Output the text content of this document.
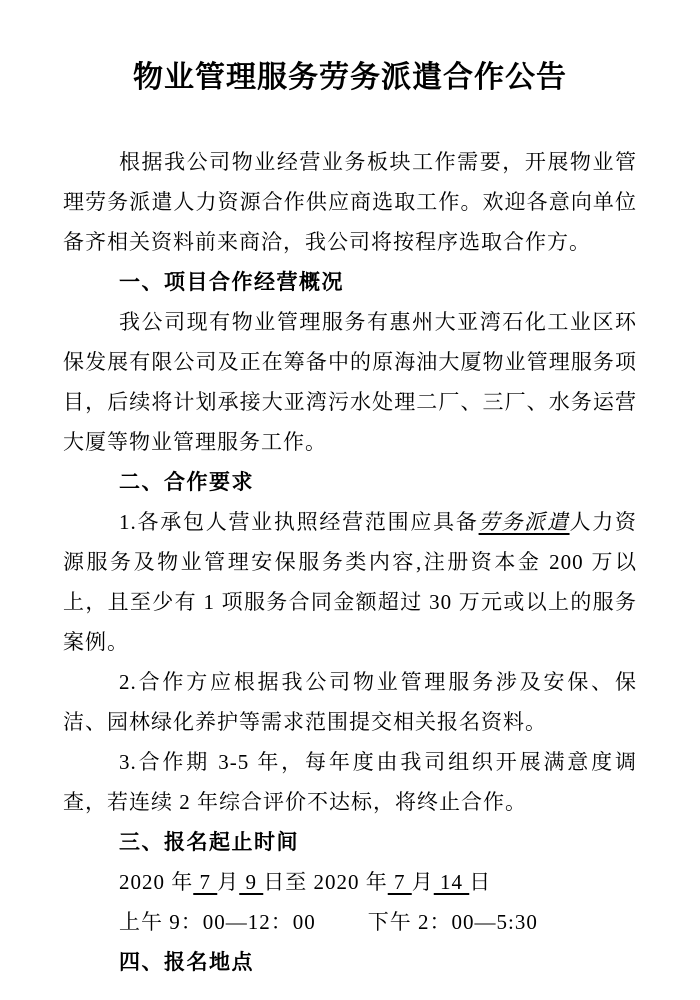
物业管理服务劳务派遣合作公告

根据我公司物业经营业务板块工作需要，开展物业管理劳务派遣人力资源合作供应商选取工作。欢迎各意向单位备齐相关资料前来商洽，我公司将按程序选取合作方。

一、项目合作经营概况

我公司现有物业管理服务有惠州大亚湾石化工业区环保发展有限公司及正在筹备中的原海油大厦物业管理服务项目，后续将计划承接大亚湾污水处理二厂、三厂、水务运营大厦等物业管理服务工作。

二、合作要求

1.各承包人营业执照经营范围应具备劳务派遣人力资源服务及物业管理安保服务类内容,注册资本金 200 万以上，且至少有 1 项服务合同金额超过 30 万元或以上的服务案例。

2.合作方应根据我公司物业管理服务涉及安保、保洁、园林绿化养护等需求范围提交相关报名资料。

3.合作期 3-5 年，每年度由我司组织开展满意度调查，若连续 2 年综合评价不达标，将终止合作。

三、报名起止时间

2020 年 7 月 9 日至 2020 年 7 月 14 日

上午 9：00—12：00 下午 2：00—5:30

四、报名地点
